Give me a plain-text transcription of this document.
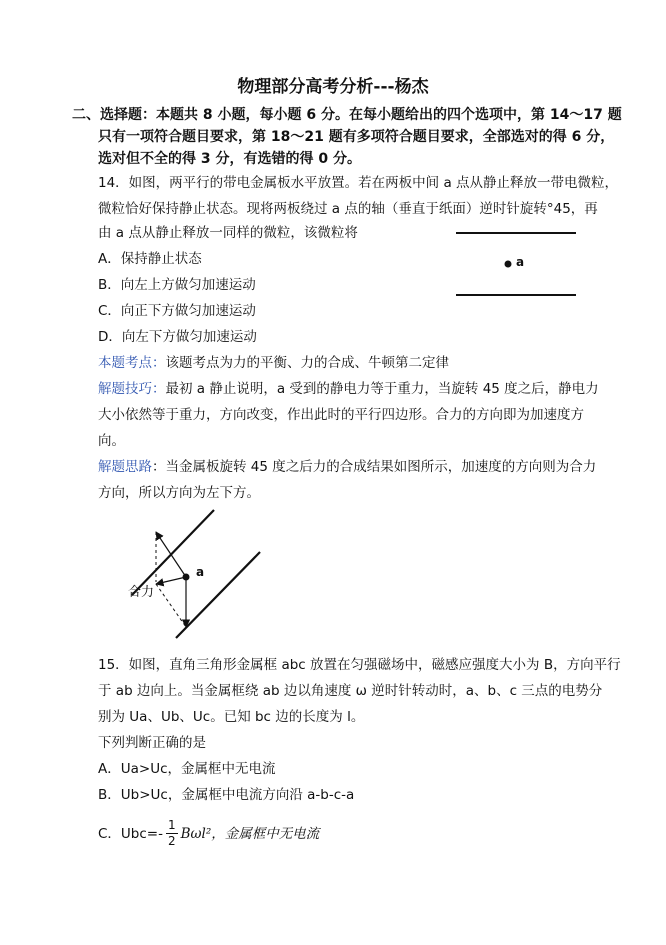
物理部分高考分析---杨杰
二、选择题：本题共 8 小题，每小题 6 分。在每小题给出的四个选项中，第 14～17 题
只有一项符合题目要求，第 18～21 题有多项符合题目要求，全部选对的得 6 分，
选对但不全的得 3 分，有选错的得 0 分。
14．如图，两平行的带电金属板水平放置。若在两板中间 a 点从静止释放一带电微粒，
微粒恰好保持静止状态。现将两板绕过 a 点的轴（垂直于纸面）逆时针旋转°45，再
由 a 点从静止释放一同样的微粒，该微粒将
A．保持静止状态
B．向左上方做匀加速运动
C．向正下方做匀加速运动
D．向左下方做匀加速运动
a
本题考点：该题考点为力的平衡、力的合成、牛顿第二定律
解题技巧：最初 a 静止说明，a 受到的静电力等于重力，当旋转 45 度之后，静电力
大小依然等于重力，方向改变，作出此时的平行四边形。合力的方向即为加速度方
向。
解题思路：当金属板旋转 45 度之后力的合成结果如图所示，加速度的方向则为合力
方向，所以方向为左下方。
a
合力
15．如图，直角三角形金属框 abc 放置在匀强磁场中，磁感应强度大小为 B，方向平行
于 ab 边向上。当金属框绕 ab 边以角速度 ω 逆时针转动时，a、b、c 三点的电势分
别为 Ua、Ub、Uc。已知 bc 边的长度为 l。
下列判断正确的是
A．Ua>Uc，金属框中无电流
B．Ub>Uc，金属框中电流方向沿 a-b-c-a
C．$Ubc=- \frac{1}{2} B\omega l^2$，金属框中无电流
